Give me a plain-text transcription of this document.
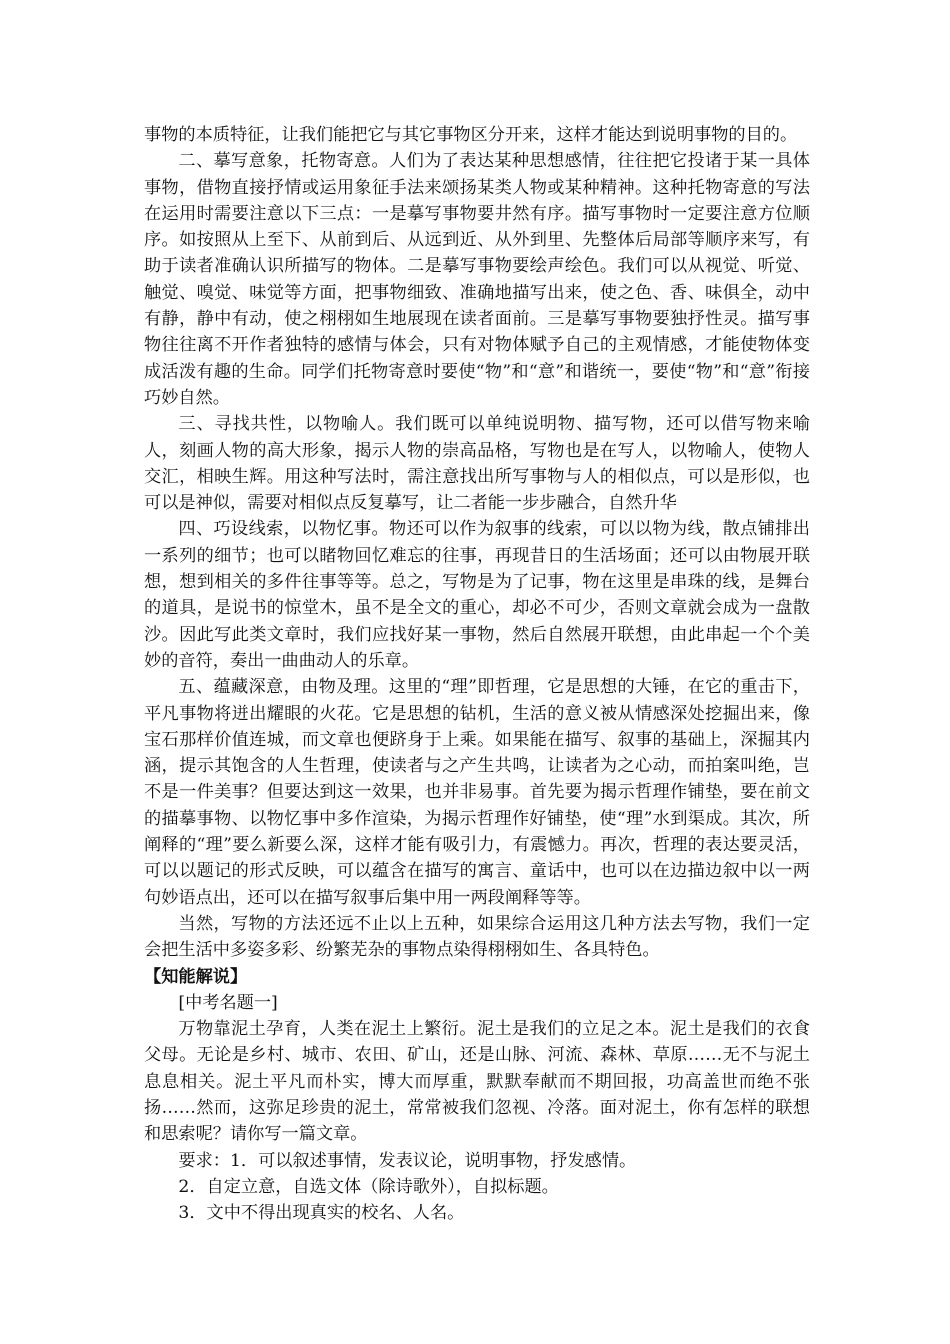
事物的本质特征，让我们能把它与其它事物区分开来，这样才能达到说明事物的目的。

二、摹写意象，托物寄意。人们为了表达某种思想感情，往往把它投诸于某一具体事物，借物直接抒情或运用象征手法来颂扬某类人物或某种精神。这种托物寄意的写法在运用时需要注意以下三点：一是摹写事物要井然有序。描写事物时一定要注意方位顺序。如按照从上至下、从前到后、从远到近、从外到里、先整体后局部等顺序来写，有助于读者准确认识所描写的物体。二是摹写事物要绘声绘色。我们可以从视觉、听觉、触觉、嗅觉、味觉等方面，把事物细致、准确地描写出来，使之色、香、味俱全，动中有静，静中有动，使之栩栩如生地展现在读者面前。三是摹写事物要独抒性灵。描写事物往往离不开作者独特的感情与体会，只有对物体赋予自己的主观情感，才能使物体变成活泼有趣的生命。同学们托物寄意时要使“物”和“意”和谐统一，要使“物”和“意”衔接巧妙自然。

三、寻找共性，以物喻人。我们既可以单纯说明物、描写物，还可以借写物来喻人，刻画人物的高大形象，揭示人物的崇高品格，写物也是在写人，以物喻人，使物人交汇，相映生辉。用这种写法时，需注意找出所写事物与人的相似点，可以是形似，也可以是神似，需要对相似点反复摹写，让二者能一步步融合，自然升华

四、巧设线索，以物忆事。物还可以作为叙事的线索，可以以物为线，散点铺排出一系列的细节；也可以睹物回忆难忘的往事，再现昔日的生活场面；还可以由物展开联想，想到相关的多件往事等等。总之，写物是为了记事，物在这里是串珠的线，是舞台的道具，是说书的惊堂木，虽不是全文的重心，却必不可少，否则文章就会成为一盘散沙。因此写此类文章时，我们应找好某一事物，然后自然展开联想，由此串起一个个美妙的音符，奏出一曲曲动人的乐章。

五、蕴藏深意，由物及理。这里的“理”即哲理，它是思想的大锤，在它的重击下，平凡事物将迸出耀眼的火花。它是思想的钻机，生活的意义被从情感深处挖掘出来，像宝石那样价值连城，而文章也便跻身于上乘。如果能在描写、叙事的基础上，深掘其内涵，提示其饱含的人生哲理，使读者与之产生共鸣，让读者为之心动，而拍案叫绝，岂不是一件美事？但要达到这一效果，也并非易事。首先要为揭示哲理作铺垫，要在前文的描摹事物、以物忆事中多作渲染，为揭示哲理作好铺垫，使“理”水到渠成。其次，所阐释的“理”要么新要么深，这样才能有吸引力，有震憾力。再次，哲理的表达要灵活，可以以题记的形式反映，可以蕴含在描写的寓言、童话中，也可以在边描边叙中以一两句妙语点出，还可以在描写叙事后集中用一两段阐释等等。

当然，写物的方法还远不止以上五种，如果综合运用这几种方法去写物，我们一定会把生活中多姿多彩、纷繁芜杂的事物点染得栩栩如生、各具特色。

【知能解说】

[中考名题一]

万物靠泥土孕育，人类在泥土上繁衍。泥土是我们的立足之本。泥土是我们的衣食父母。无论是乡村、城市、农田、矿山，还是山脉、河流、森林、草原……无不与泥土息息相关。泥土平凡而朴实，博大而厚重，默默奉献而不期回报，功高盖世而绝不张扬……然而，这弥足珍贵的泥土，常常被我们忽视、冷落。面对泥土，你有怎样的联想和思索呢？请你写一篇文章。

要求：1．可以叙述事情，发表议论，说明事物，抒发感情。

2．自定立意，自选文体（除诗歌外），自拟标题。

3．文中不得出现真实的校名、人名。
